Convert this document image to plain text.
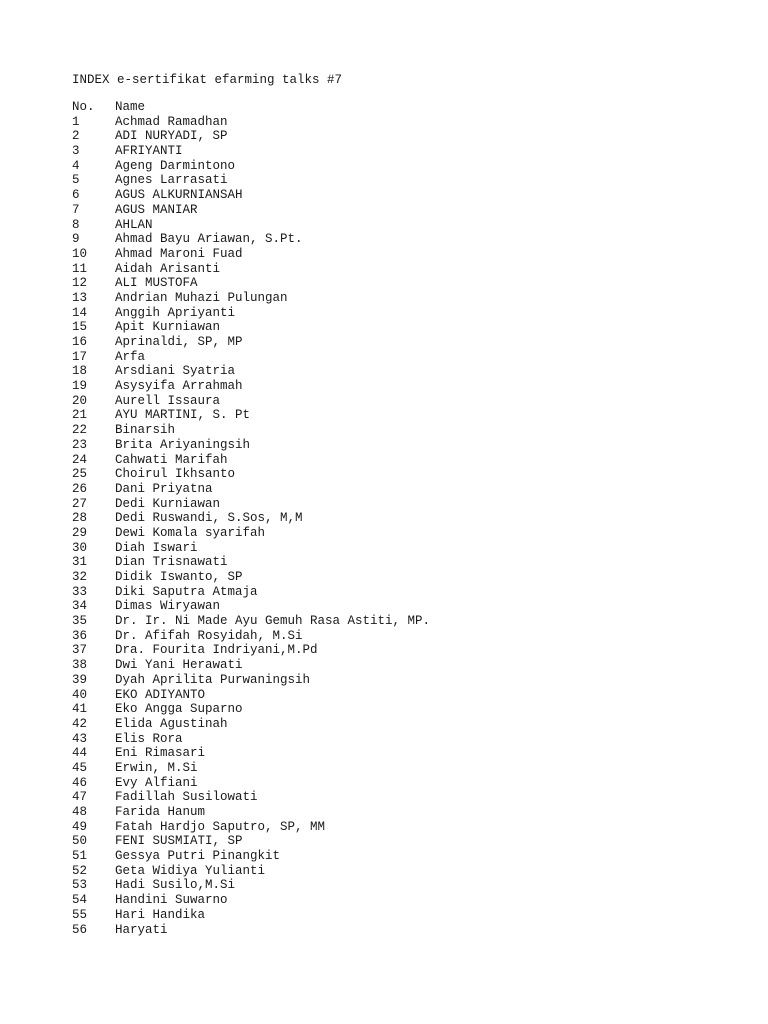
INDEX e-sertifikat efarming talks #7
No.	Name
1	Achmad Ramadhan
2	ADI NURYADI, SP
3	AFRIYANTI
4	Ageng Darmintono
5	Agnes Larrasati
6	AGUS ALKURNIANSAH
7	AGUS MANIAR
8	AHLAN
9	Ahmad Bayu Ariawan, S.Pt.
10	Ahmad Maroni Fuad
11	Aidah Arisanti
12	ALI MUSTOFA
13	Andrian Muhazi Pulungan
14	Anggih Apriyanti
15	Apit Kurniawan
16	Aprinaldi, SP, MP
17	Arfa
18	Arsdiani Syatria
19	Asysyifa Arrahmah
20	Aurell Issaura
21	AYU MARTINI, S. Pt
22	Binarsih
23	Brita Ariyaningsih
24	Cahwati Marifah
25	Choirul Ikhsanto
26	Dani Priyatna
27	Dedi Kurniawan
28	Dedi Ruswandi, S.Sos, M,M
29	Dewi Komala syarifah
30	Diah Iswari
31	Dian Trisnawati
32	Didik Iswanto, SP
33	Diki Saputra Atmaja
34	Dimas Wiryawan
35	Dr. Ir. Ni Made Ayu Gemuh Rasa Astiti, MP.
36	Dr. Afifah Rosyidah, M.Si
37	Dra. Fourita Indriyani,M.Pd
38	Dwi Yani Herawati
39	Dyah Aprilita Purwaningsih
40	EKO ADIYANTO
41	Eko Angga Suparno
42	Elida Agustinah
43	Elis Rora
44	Eni Rimasari
45	Erwin, M.Si
46	Evy Alfiani
47	Fadillah Susilowati
48	Farida Hanum
49	Fatah Hardjo Saputro, SP, MM
50	FENI SUSMIATI, SP
51	Gessya Putri Pinangkit
52	Geta Widiya Yulianti
53	Hadi Susilo,M.Si
54	Handini Suwarno
55	Hari Handika
56	Haryati
